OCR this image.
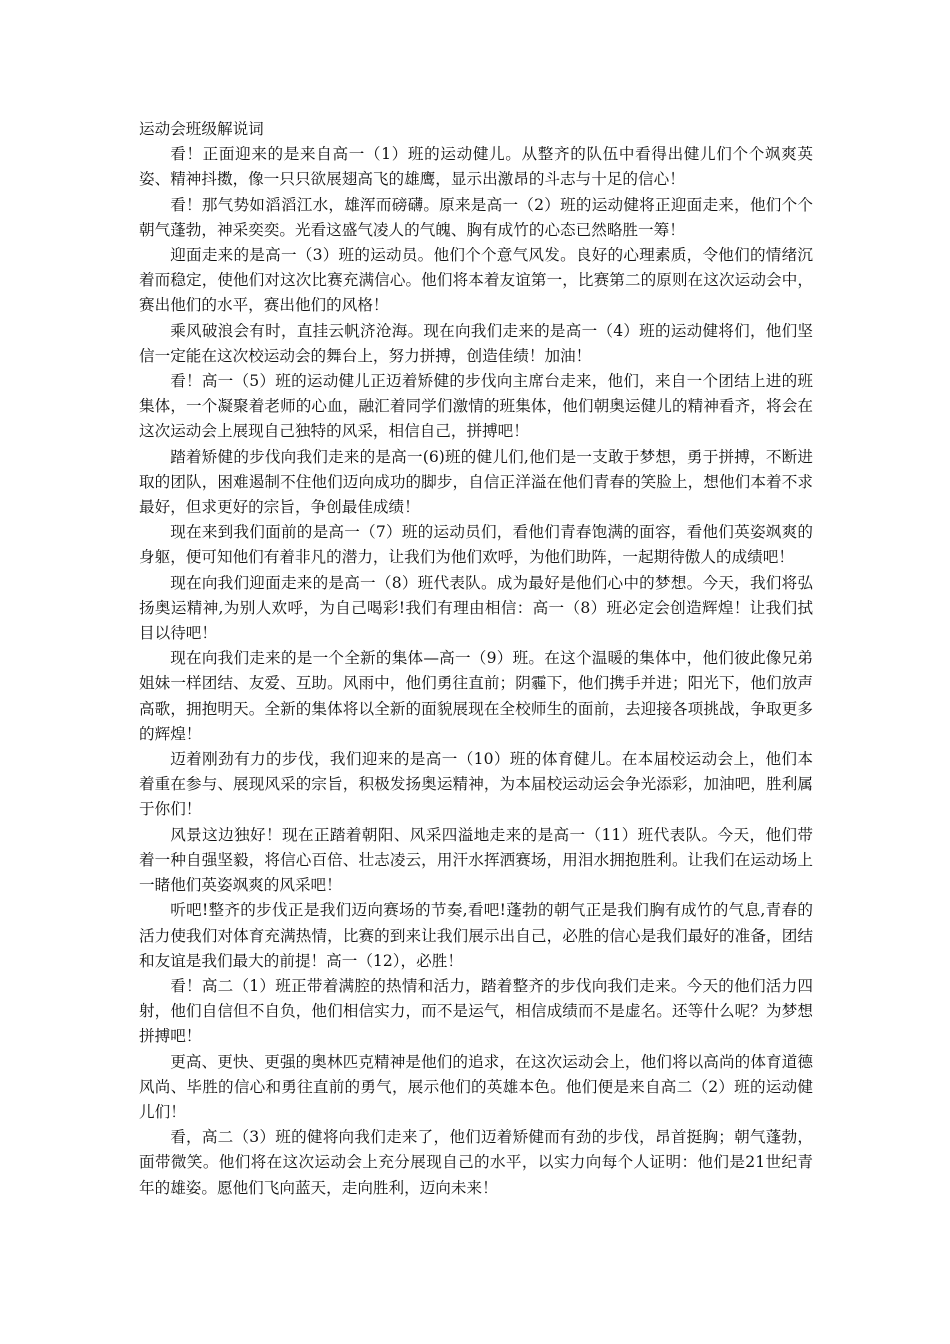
运动会班级解说词

看！正面迎来的是来自高一（1）班的运动健儿。从整齐的队伍中看得出健儿们个个飒爽英姿、精神抖擞，像一只只欲展翅高飞的雄鹰，显示出激昂的斗志与十足的信心！

看！那气势如滔滔江水，雄浑而磅礴。原来是高一（2）班的运动健将正迎面走来，他们个个朝气蓬勃，神采奕奕。光看这盛气凌人的气魄、胸有成竹的心态已然略胜一筹！

迎面走来的是高一（3）班的运动员。他们个个意气风发。良好的心理素质，令他们的情绪沉着而稳定，使他们对这次比赛充满信心。他们将本着友谊第一，比赛第二的原则在这次运动会中，赛出他们的水平，赛出他们的风格！

乘风破浪会有时，直挂云帆济沧海。现在向我们走来的是高一（4）班的运动健将们，他们坚信一定能在这次校运动会的舞台上，努力拼搏，创造佳绩！加油！

看！高一（5）班的运动健儿正迈着矫健的步伐向主席台走来，他们，来自一个团结上进的班集体，一个凝聚着老师的心血，融汇着同学们激情的班集体，他们朝奥运健儿的精神看齐，将会在这次运动会上展现自己独特的风采，相信自己，拼搏吧！

踏着矫健的步伐向我们走来的是高一(6)班的健儿们,他们是一支敢于梦想，勇于拼搏，不断进取的团队，困难遏制不住他们迈向成功的脚步，自信正洋溢在他们青春的笑脸上，想他们本着不求最好，但求更好的宗旨，争创最佳成绩！

现在来到我们面前的是高一（7）班的运动员们，看他们青春饱满的面容，看他们英姿飒爽的身躯，便可知他们有着非凡的潜力，让我们为他们欢呼，为他们助阵，一起期待傲人的成绩吧！

现在向我们迎面走来的是高一（8）班代表队。成为最好是他们心中的梦想。今天，我们将弘扬奥运精神,为别人欢呼，为自己喝彩!我们有理由相信：高一（8）班必定会创造辉煌！让我们拭目以待吧！

现在向我们走来的是一个全新的集体—高一（9）班。在这个温暖的集体中，他们彼此像兄弟姐妹一样团结、友爱、互助。风雨中，他们勇往直前；阴霾下，他们携手并进；阳光下，他们放声高歌，拥抱明天。全新的集体将以全新的面貌展现在全校师生的面前，去迎接各项挑战，争取更多的辉煌！

迈着刚劲有力的步伐，我们迎来的是高一（10）班的体育健儿。在本届校运动会上，他们本着重在参与、展现风采的宗旨，积极发扬奥运精神，为本届校运动运会争光添彩，加油吧，胜利属于你们！

风景这边独好！现在正踏着朝阳、风采四溢地走来的是高一（11）班代表队。今天，他们带着一种自强坚毅，将信心百倍、壮志凌云，用汗水挥洒赛场，用泪水拥抱胜利。让我们在运动场上一睹他们英姿飒爽的风采吧！

听吧!整齐的步伐正是我们迈向赛场的节奏,看吧!蓬勃的朝气正是我们胸有成竹的气息,青春的活力使我们对体育充满热情，比赛的到来让我们展示出自己，必胜的信心是我们最好的准备，团结和友谊是我们最大的前提！高一（12），必胜！

看！高二（1）班正带着满腔的热情和活力，踏着整齐的步伐向我们走来。今天的他们活力四射，他们自信但不自负，他们相信实力，而不是运气，相信成绩而不是虚名。还等什么呢？为梦想拼搏吧！

更高、更快、更强的奥林匹克精神是他们的追求，在这次运动会上，他们将以高尚的体育道德风尚、毕胜的信心和勇往直前的勇气，展示他们的英雄本色。他们便是来自高二（2）班的运动健儿们！

看，高二（3）班的健将向我们走来了，他们迈着矫健而有劲的步伐，昂首挺胸；朝气蓬勃，面带微笑。他们将在这次运动会上充分展现自己的水平，以实力向每个人证明：他们是21世纪青年的雄姿。愿他们飞向蓝天，走向胜利，迈向未来！
